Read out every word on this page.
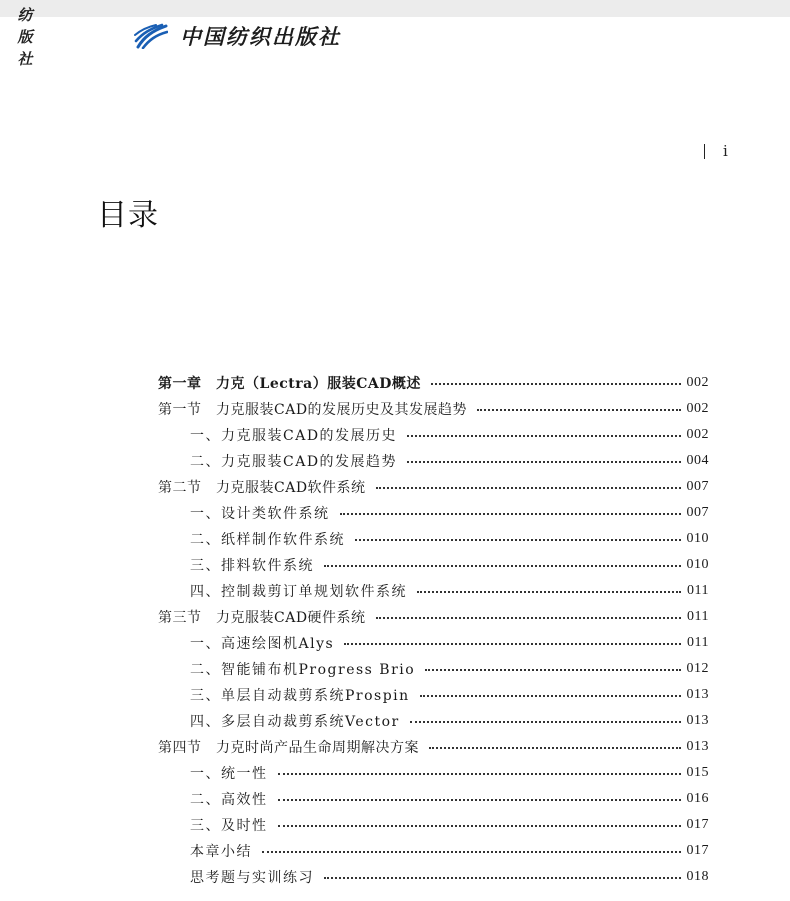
纺
版
社
中国纺织出版社
i
目录
第一章　力克（Lectra）服装CAD概述	002
第一节　力克服装CAD的发展历史及其发展趋势	002
一、力克服装CAD的发展历史	002
二、力克服装CAD的发展趋势	004
第二节　力克服装CAD软件系统	007
一、设计类软件系统	007
二、纸样制作软件系统	010
三、排料软件系统	010
四、控制裁剪订单规划软件系统	011
第三节　力克服装CAD硬件系统	011
一、高速绘图机Alys	011
二、智能铺布机Progress Brio	012
三、单层自动裁剪系统Prospin	013
四、多层自动裁剪系统Vector	013
第四节　力克时尚产品生命周期解决方案	013
一、统一性	015
二、高效性	016
三、及时性	017
本章小结	017
思考题与实训练习	018
